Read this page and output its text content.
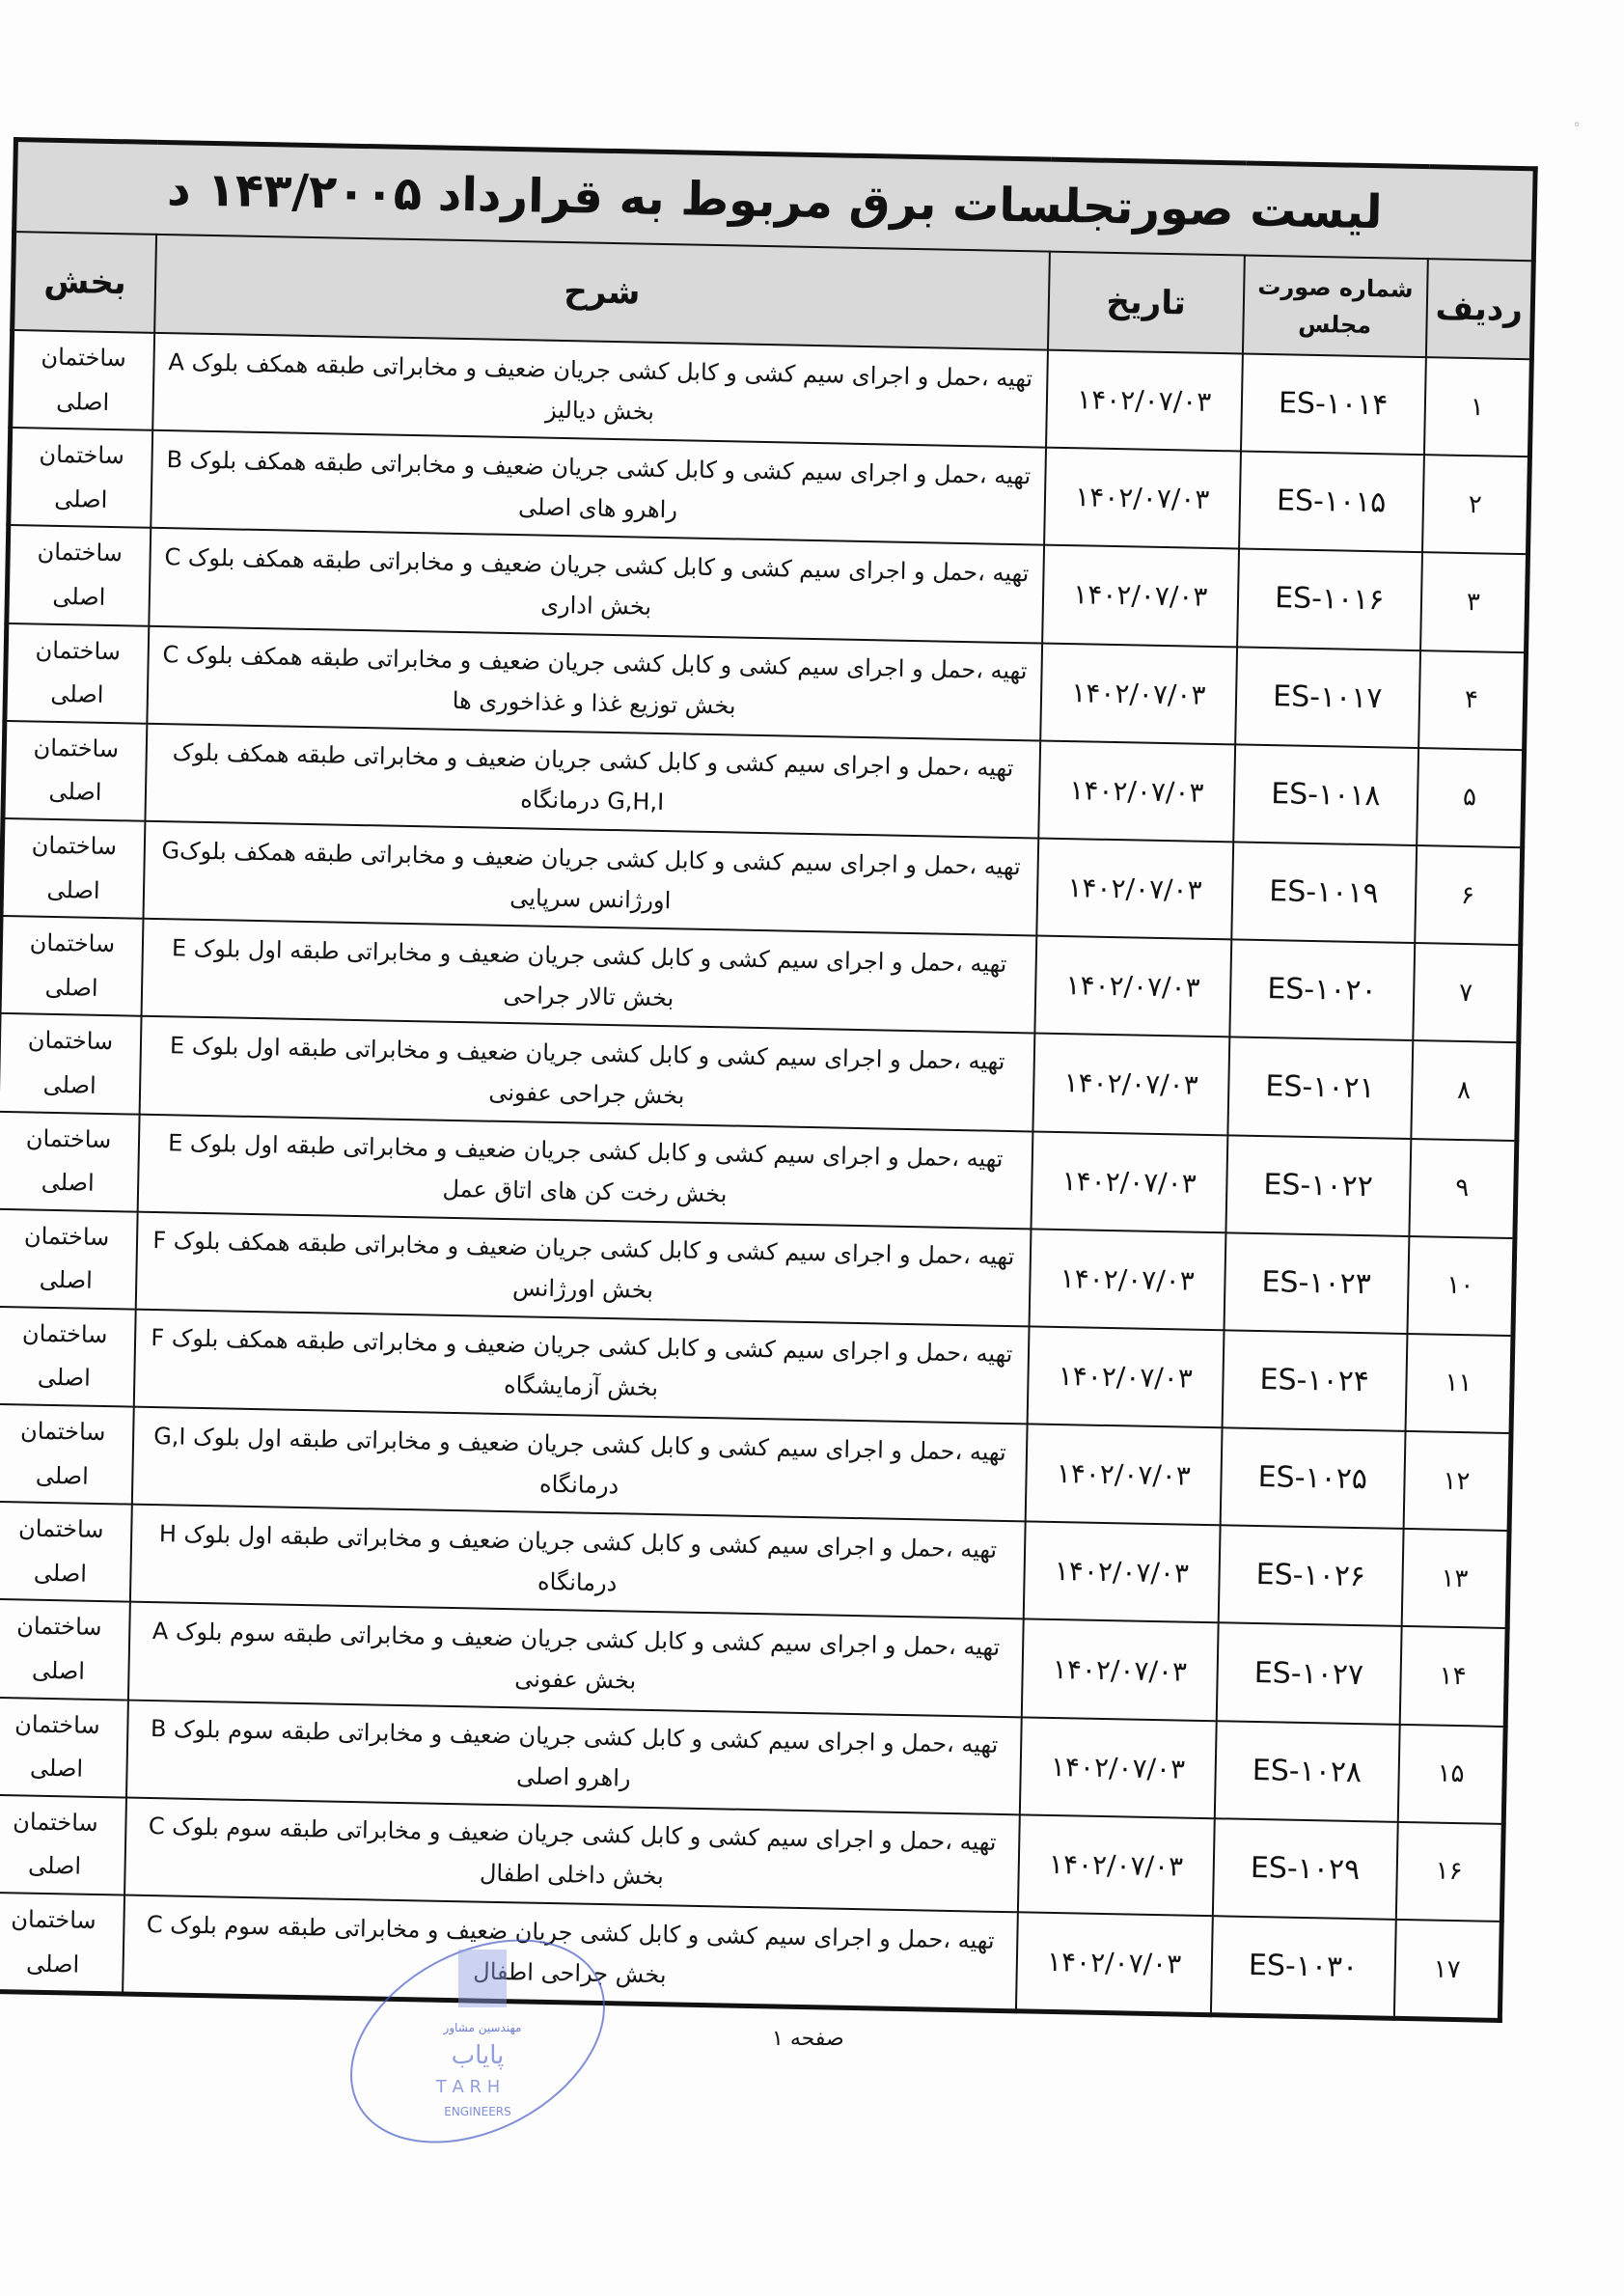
◦
لیست صورتجلسات برق مربوط به قرارداد ۱۴۳/۲۰۰۵ د				
ردیف	شماره صورت مجلس	تاریخ	شرح	بخش
۱	ES-۱۰۱۴	۱۴۰۲/۰۷/۰۳	تهیه ،حمل و اجرای سیم کشی و کابل کشی جریان ضعیف و مخابراتی طبقه همکف بلوک A بخش دیالیز	ساختمان اصلی
۲	ES-۱۰۱۵	۱۴۰۲/۰۷/۰۳	تهیه ،حمل و اجرای سیم کشی و کابل کشی جریان ضعیف و مخابراتی طبقه همکف بلوک B راهرو های اصلی	ساختمان اصلی
۳	ES-۱۰۱۶	۱۴۰۲/۰۷/۰۳	تهیه ،حمل و اجرای سیم کشی و کابل کشی جریان ضعیف و مخابراتی طبقه همکف بلوک C بخش اداری	ساختمان اصلی
۴	ES-۱۰۱۷	۱۴۰۲/۰۷/۰۳	تهیه ،حمل و اجرای سیم کشی و کابل کشی جریان ضعیف و مخابراتی طبقه همکف بلوک C بخش توزیع غذا و غذاخوری ها	ساختمان اصلی
۵	ES-۱۰۱۸	۱۴۰۲/۰۷/۰۳	تهیه ،حمل و اجرای سیم کشی و کابل کشی جریان ضعیف و مخابراتی طبقه همکف بلوک G,H,I درمانگاه	ساختمان اصلی
۶	ES-۱۰۱۹	۱۴۰۲/۰۷/۰۳	تهیه ،حمل و اجرای سیم کشی و کابل کشی جریان ضعیف و مخابراتی طبقه همکف بلوکG اورژانس سرپایی	ساختمان اصلی
۷	ES-۱۰۲۰	۱۴۰۲/۰۷/۰۳	تهیه ،حمل و اجرای سیم کشی و کابل کشی جریان ضعیف و مخابراتی طبقه اول بلوک E بخش تالار جراحی	ساختمان اصلی
۸	ES-۱۰۲۱	۱۴۰۲/۰۷/۰۳	تهیه ،حمل و اجرای سیم کشی و کابل کشی جریان ضعیف و مخابراتی طبقه اول بلوک E بخش جراحی عفونی	ساختمان اصلی
۹	ES-۱۰۲۲	۱۴۰۲/۰۷/۰۳	تهیه ،حمل و اجرای سیم کشی و کابل کشی جریان ضعیف و مخابراتی طبقه اول بلوک E بخش رخت کن های اتاق عمل	ساختمان اصلی
۱۰	ES-۱۰۲۳	۱۴۰۲/۰۷/۰۳	تهیه ،حمل و اجرای سیم کشی و کابل کشی جریان ضعیف و مخابراتی طبقه همکف بلوک F بخش اورژانس	ساختمان اصلی
۱۱	ES-۱۰۲۴	۱۴۰۲/۰۷/۰۳	تهیه ،حمل و اجرای سیم کشی و کابل کشی جریان ضعیف و مخابراتی طبقه همکف بلوک F بخش آزمایشگاه	ساختمان اصلی
۱۲	ES-۱۰۲۵	۱۴۰۲/۰۷/۰۳	تهیه ،حمل و اجرای سیم کشی و کابل کشی جریان ضعیف و مخابراتی طبقه اول بلوک G,I درمانگاه	ساختمان اصلی
۱۳	ES-۱۰۲۶	۱۴۰۲/۰۷/۰۳	تهیه ،حمل و اجرای سیم کشی و کابل کشی جریان ضعیف و مخابراتی طبقه اول بلوک H درمانگاه	ساختمان اصلی
۱۴	ES-۱۰۲۷	۱۴۰۲/۰۷/۰۳	تهیه ،حمل و اجرای سیم کشی و کابل کشی جریان ضعیف و مخابراتی طبقه سوم بلوک A بخش عفونی	ساختمان اصلی
۱۵	ES-۱۰۲۸	۱۴۰۲/۰۷/۰۳	تهیه ،حمل و اجرای سیم کشی و کابل کشی جریان ضعیف و مخابراتی طبقه سوم بلوک B راهرو اصلی	ساختمان اصلی
۱۶	ES-۱۰۲۹	۱۴۰۲/۰۷/۰۳	تهیه ،حمل و اجرای سیم کشی و کابل کشی جریان ضعیف و مخابراتی طبقه سوم بلوک C بخش داخلی اطفال	ساختمان اصلی
۱۷	ES-۱۰۳۰	۱۴۰۲/۰۷/۰۳	تهیه ،حمل و اجرای سیم کشی و کابل کشی جریان ضعیف و مخابراتی طبقه سوم بلوک C بخش جراحی اطفال	ساختمان اصلی
صفحه ۱
مهندسین مشاور
پایاب
T A R H
ENGINEERS
